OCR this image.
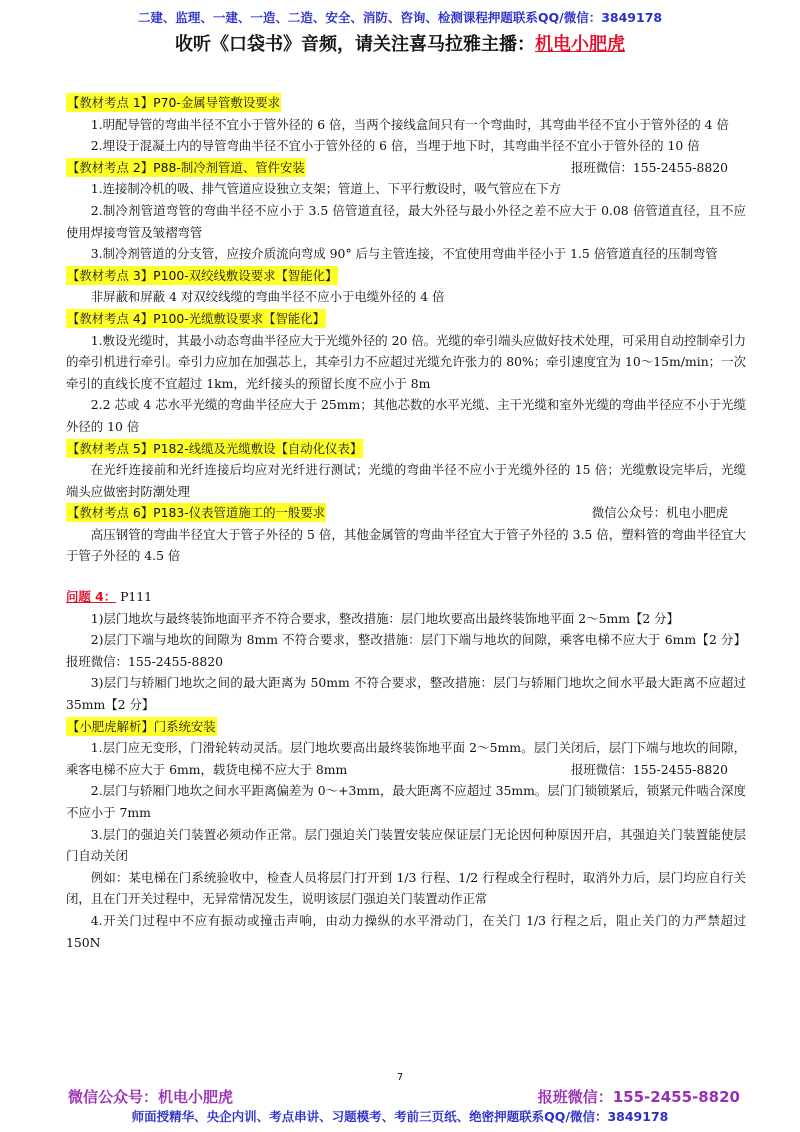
二建、监理、一建、一造、二造、安全、消防、咨询、检测课程押题联系QQ/微信：3849178
收听《口袋书》音频，请关注喜马拉雅主播：机电小肥虎
【教材考点 1】P70-金属导管敷设要求

1.明配导管的弯曲半径不宜小于管外径的 6 倍，当两个接线盒间只有一个弯曲时，其弯曲半径不宜小于管外径的 4 倍

2.埋设于混凝土内的导管弯曲半径不宜小于管外径的 6 倍，当埋于地下时，其弯曲半径不宜小于管外径的 10 倍

【教材考点 2】P88-制冷剂管道、管件安装	报班微信：155-2455-8820

1.连接制冷机的吸、排气管道应设独立支架；管道上、下平行敷设时，吸气管应在下方

2.制冷剂管道弯管的弯曲半径不应小于 3.5 倍管道直径，最大外径与最小外径之差不应大于 0.08 倍管道直径，且不应使用焊接弯管及皱褶弯管

3.制冷剂管道的分支管，应按介质流向弯成 90° 后与主管连接，不宜使用弯曲半径小于 1.5 倍管道直径的压制弯管

【教材考点 3】P100-双绞线敷设要求【智能化】

非屏蔽和屏蔽 4 对双绞线缆的弯曲半径不应小于电缆外径的 4 倍

【教材考点 4】P100-光缆敷设要求【智能化】

1.敷设光缆时，其最小动态弯曲半径应大于光缆外径的 20 倍。光缆的牵引端头应做好技术处理，可采用自动控制牵引力的牵引机进行牵引。牵引力应加在加强芯上，其牵引力不应超过光缆允许张力的 80%；牵引速度宜为 10～15m/min；一次牵引的直线长度不宜超过 1km，光纤接头的预留长度不应小于 8m

2.2 芯或 4 芯水平光缆的弯曲半径应大于 25mm；其他芯数的水平光缆、主干光缆和室外光缆的弯曲半径应不小于光缆外径的 10 倍

【教材考点 5】P182-线缆及光缆敷设【自动化仪表】

在光纤连接前和光纤连接后均应对光纤进行测试；光缆的弯曲半径不应小于光缆外径的 15 倍；光缆敷设完毕后，光缆端头应做密封防潮处理

【教材考点 6】P183-仪表管道施工的一般要求	微信公众号：机电小肥虎

高压钢管的弯曲半径宜大于管子外径的 5 倍，其他金属管的弯曲半径宜大于管子外径的 3.5 倍，塑料管的弯曲半径宜大于管子外径的 4.5 倍

问题 4： P111

1)层门地坎与最终装饰地面平齐不符合要求，整改措施：层门地坎要高出最终装饰地平面 2～5mm【2 分】

2)层门下端与地坎的间隙为 8mm 不符合要求，整改措施：层门下端与地坎的间隙，乘客电梯不应大于 6mm【2 分】报班微信：155-2455-8820

3)层门与轿厢门地坎之间的最大距离为 50mm 不符合要求，整改措施：层门与轿厢门地坎之间水平最大距离不应超过 35mm【2 分】

【小肥虎解析】门系统安装

1.层门应无变形，门滑轮转动灵活。层门地坎要高出最终装饰地平面 2～5mm。层门关闭后，层门下端与地坎的间隙，乘客电梯不应大于 6mm，载货电梯不应大于 8mm	报班微信：155-2455-8820

2.层门与轿厢门地坎之间水平距离偏差为 0～+3mm，最大距离不应超过 35mm。层门门锁锁紧后，锁紧元件啮合深度不应小于 7mm

3.层门的强迫关门装置必须动作正常。层门强迫关门装置安装应保证层门无论因何种原因开启，其强迫关门装置能使层门自动关闭

例如：某电梯在门系统验收中，检查人员将层门打开到 1/3 行程、1/2 行程或全行程时，取消外力后，层门均应自行关闭，且在门开关过程中，无异常情况发生，说明该层门强迫关门装置动作正常

4.开关门过程中不应有振动或撞击声响，由动力操纵的水平滑动门，在关门 1/3 行程之后，阻止关门的力严禁超过 150N

7
微信公众号：机电小肥虎	报班微信：155-2455-8820
师面授精华、央企内训、考点串讲、习题模考、考前三页纸、绝密押题联系QQ/微信：3849178
